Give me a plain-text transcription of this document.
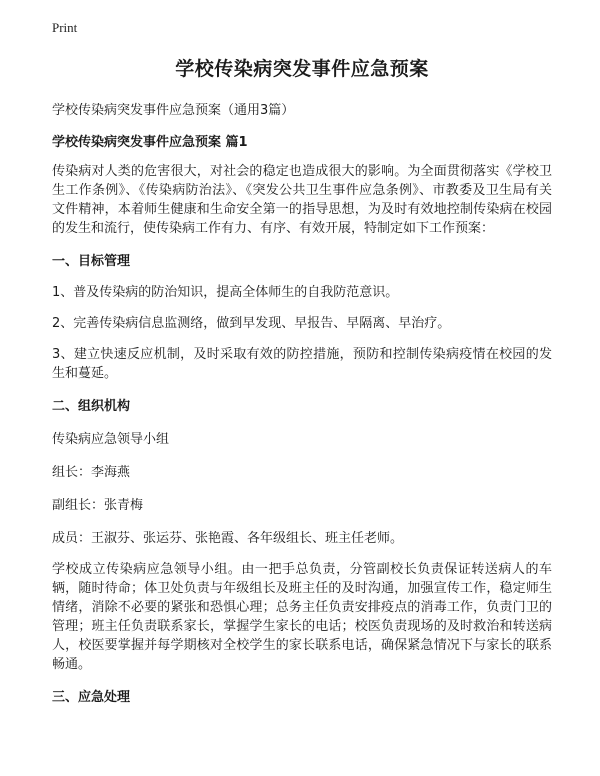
Print
学校传染病突发事件应急预案
学校传染病突发事件应急预案（通用3篇）
学校传染病突发事件应急预案 篇1
传染病对人类的危害很大，对社会的稳定也造成很大的影响。为全面贯彻落实《学校卫生工作条例》、《传染病防治法》、《突发公共卫生事件应急条例》、市教委及卫生局有关文件精神，本着师生健康和生命安全第一的指导思想，为及时有效地控制传染病在校园的发生和流行，使传染病工作有力、有序、有效开展，特制定如下工作预案：
一、目标管理
1、普及传染病的防治知识，提高全体师生的自我防范意识。
2、完善传染病信息监测络，做到早发现、早报告、早隔离、早治疗。
3、建立快速反应机制，及时采取有效的防控措施，预防和控制传染病疫情在校园的发生和蔓延。
二、组织机构
传染病应急领导小组
组长：李海燕
副组长：张青梅
成员：王淑芬、张运芬、张艳霞、各年级组长、班主任老师。
学校成立传染病应急领导小组。由一把手总负责，分管副校长负责保证转送病人的车辆，随时待命；体卫处负责与年级组长及班主任的及时沟通，加强宣传工作，稳定师生情绪，消除不必要的紧张和恐惧心理；总务主任负责安排疫点的消毒工作，负责门卫的管理；班主任负责联系家长，掌握学生家长的电话；校医负责现场的及时救治和转送病人，校医要掌握并每学期核对全校学生的家长联系电话，确保紧急情况下与家长的联系畅通。
三、应急处理
